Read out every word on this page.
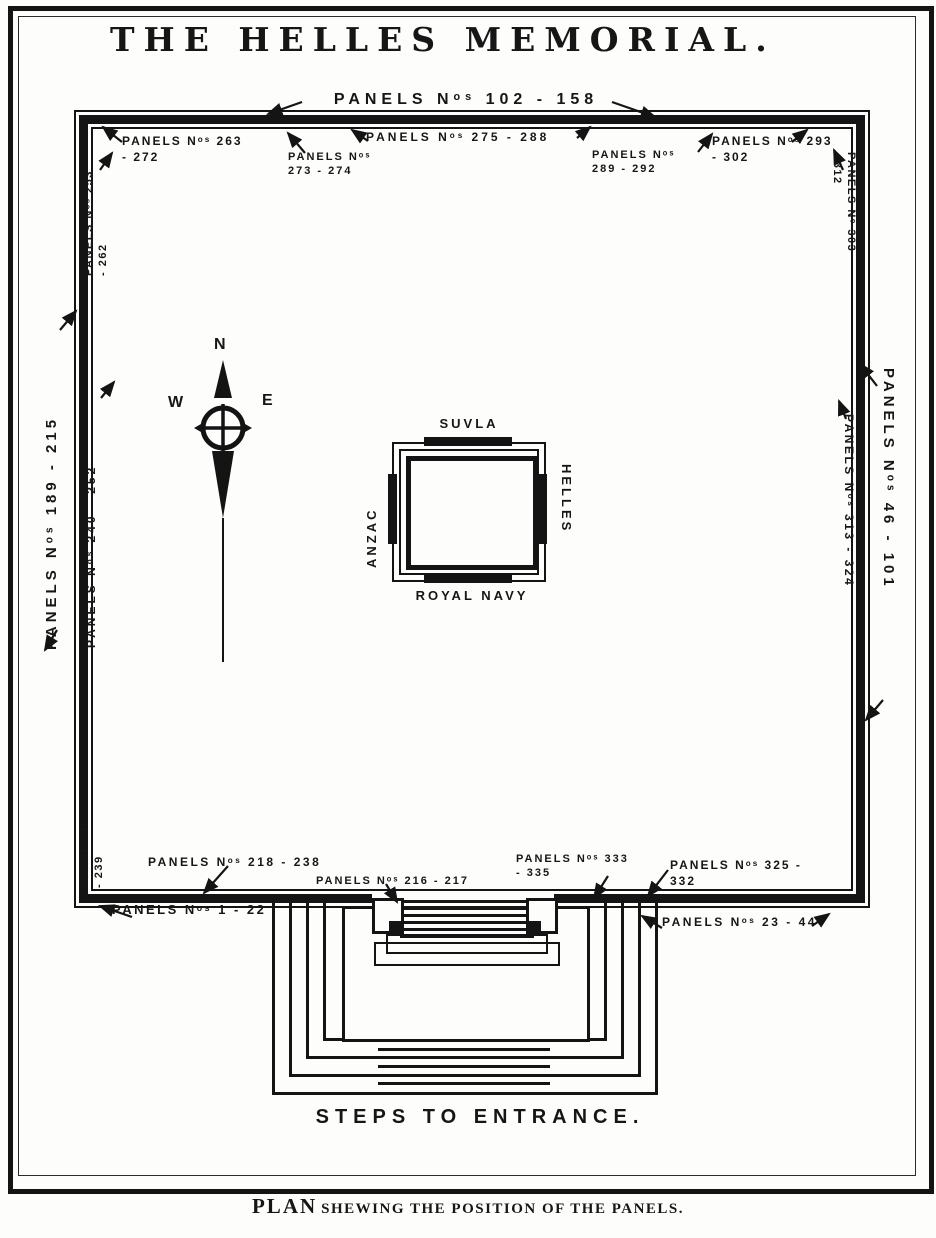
THE HELLES MEMORIAL.
PANELS Nᵒˢ 102 - 158
PANELS Nᵒˢ 263 - 272	PANELS Nᵒˢ 273 - 274
PANELS Nᵒˢ 275 - 288
PANELS Nᵒˢ 289 - 292
PANELS Nᵒˢ 293 - 302
PANELS Nᵒˢ 253 - 262
PANELS Nᵒ 303 - 312
PANELS Nᵒˢ 189 - 215 PANELS Nᵒˢ 240 - 252	PANELS Nᵒˢ 46 - 101
PANELS Nᵒˢ 313 - 324
PANELS Nᵒˢ 236 - 239	PANELS Nᵒˢ 218 - 238
PANELS Nᵒˢ 216 - 217
PANELS Nᵒˢ 333 - 335
PANELS Nᵒˢ 325 - 332
PANELS Nᵒˢ 1 - 22
PANELS Nᵒˢ 23 - 44
N
W	E
SUVLA
ANZAC
HELLES
ROYAL NAVY
STEPS TO ENTRANCE.
PLAN SHEWING THE POSITION OF THE PANELS.
